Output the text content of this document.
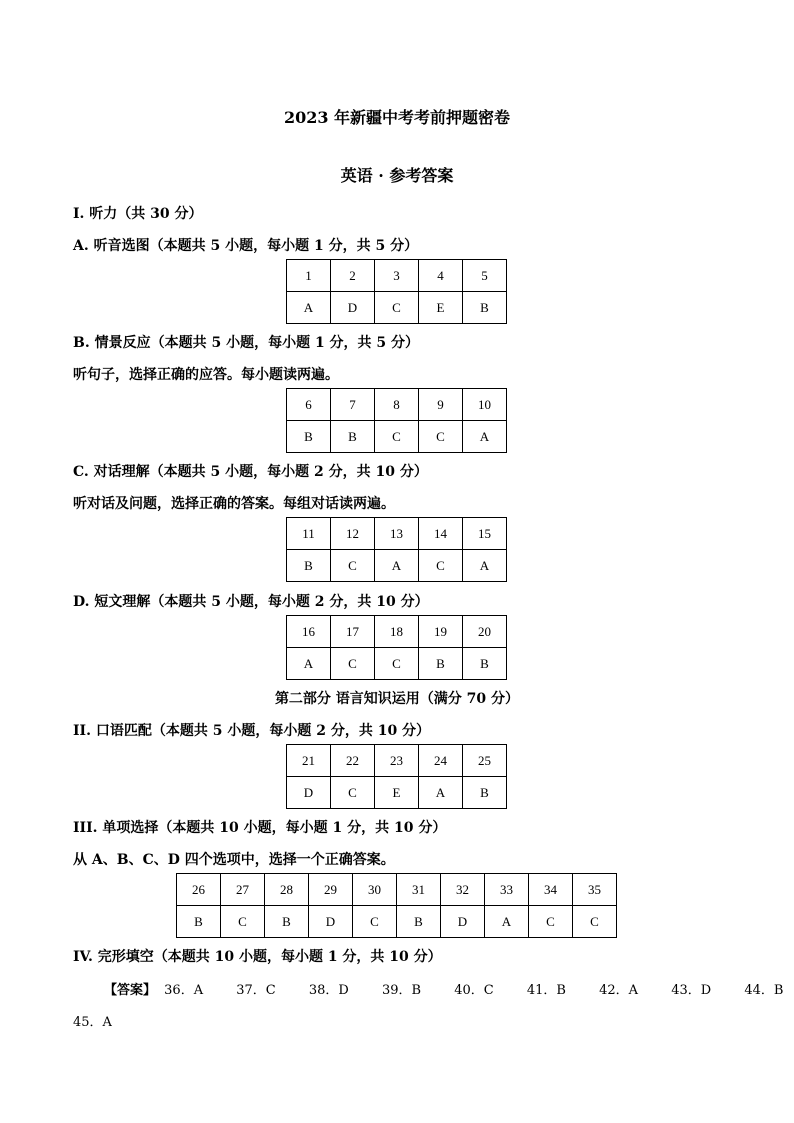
2023 年新疆中考考前押题密卷
英语 · 参考答案
I. 听力（共 30 分）
A. 听音选图（本题共 5 小题，每小题 1 分，共 5 分）
1	2	3	4	5
A	D	C	E	B
B. 情景反应（本题共 5 小题，每小题 1 分，共 5 分）
听句子，选择正确的应答。每小题读两遍。
6	7	8	9	10
B	B	C	C	A
C. 对话理解（本题共 5 小题，每小题 2 分，共 10 分）
听对话及问题，选择正确的答案。每组对话读两遍。
11	12	13	14	15
B	C	A	C	A
D. 短文理解（本题共 5 小题，每小题 2 分，共 10 分）
16	17	18	19	20
A	C	C	B	B
第二部分 语言知识运用（满分 70 分）
II. 口语匹配（本题共 5 小题，每小题 2 分，共 10 分）
21	22	23	24	25
D	C	E	A	B
III. 单项选择（本题共 10 小题，每小题 1 分，共 10 分）
从 A、B、C、D 四个选项中，选择一个正确答案。
26	27	28	29	30	31	32	33	34	35
B	C	B	D	C	B	D	A	C	C
IV. 完形填空（本题共 10 小题，每小题 1 分，共 10 分）
【答案】 36．A	37．C	38．D	39．B	40．C	41．B	42．A	43．D	44．B
45．A
